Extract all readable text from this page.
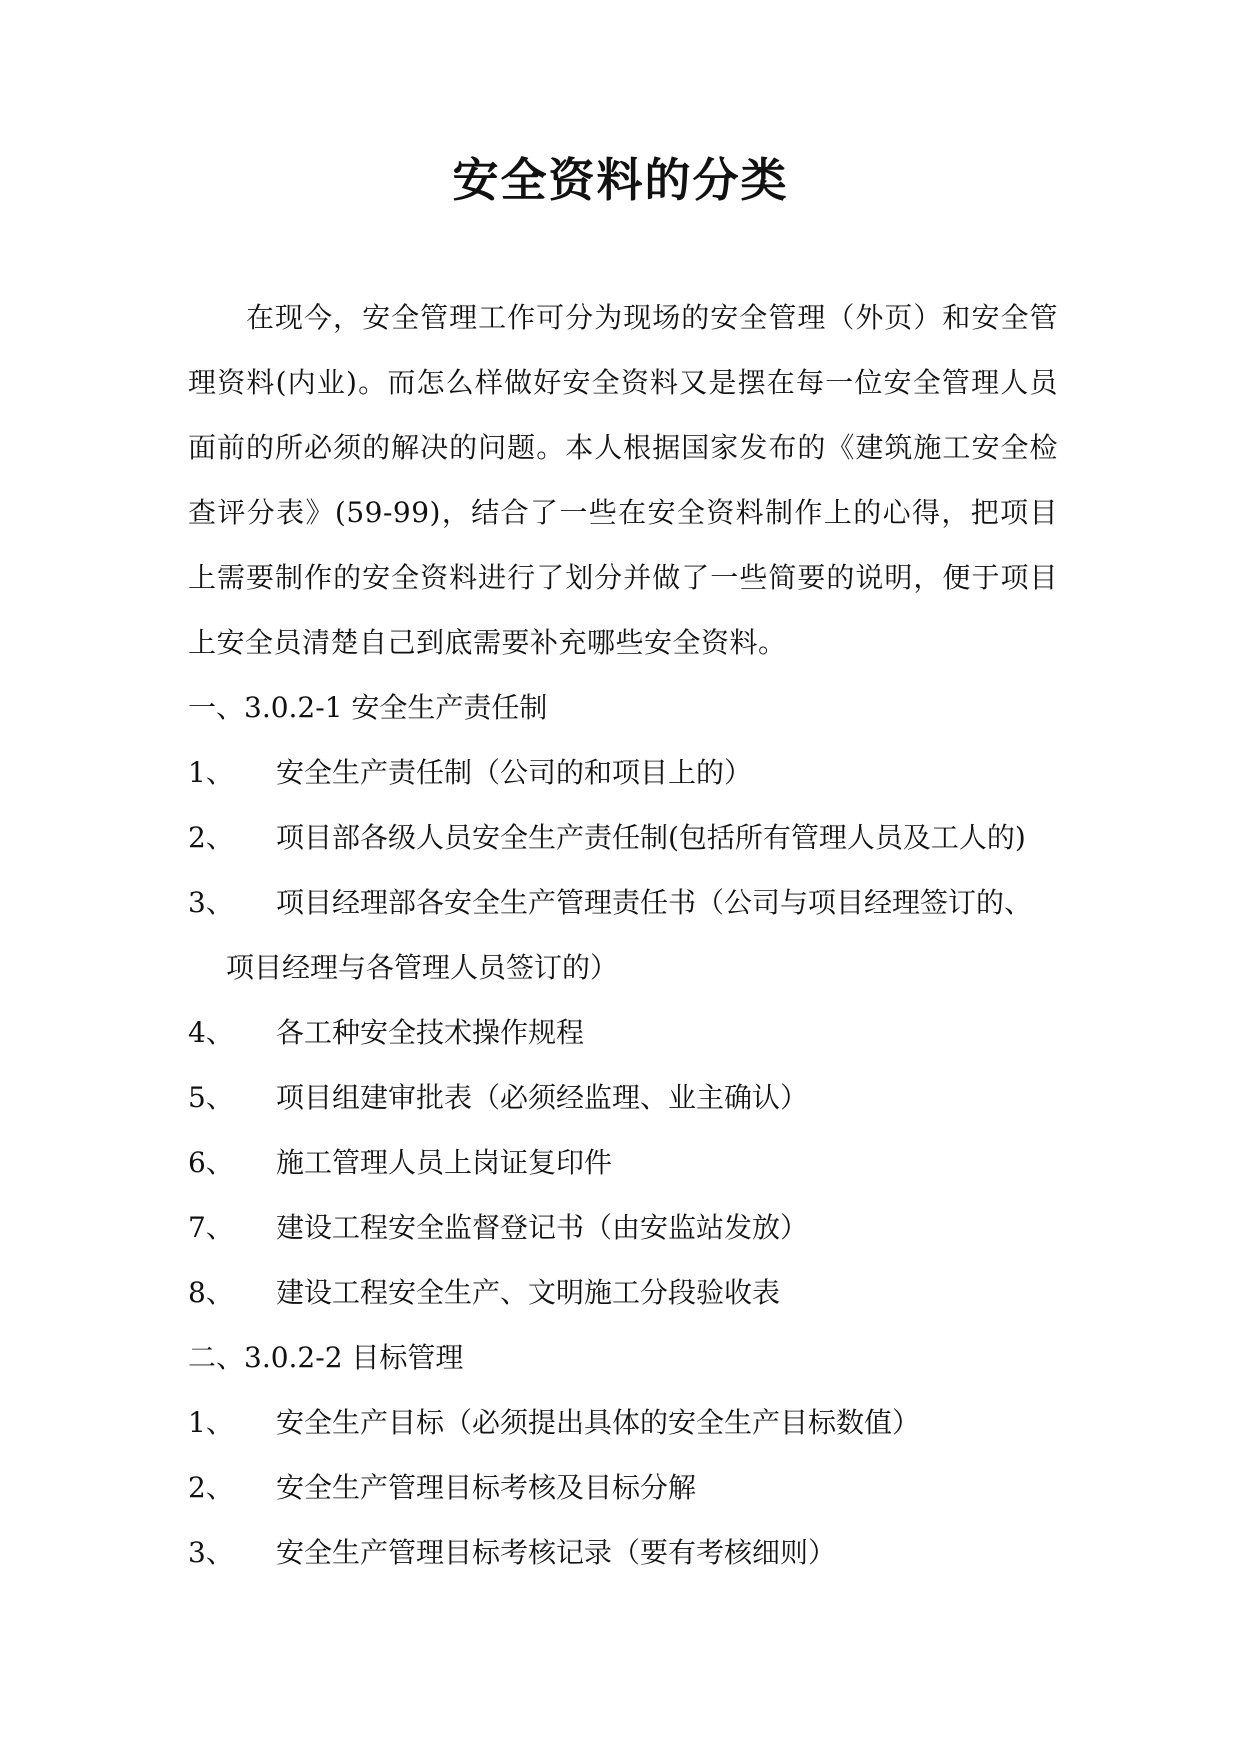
安全资料的分类

在现今，安全管理工作可分为现场的安全管理（外页）和安全管理资料(内业)。而怎么样做好安全资料又是摆在每一位安全管理人员面前的所必须的解决的问题。本人根据国家发布的《建筑施工安全检查评分表》(59-99)，结合了一些在安全资料制作上的心得，把项目上需要制作的安全资料进行了划分并做了一些简要的说明，便于项目上安全员清楚自己到底需要补充哪些安全资料。

一、3.0.2-1 安全生产责任制

1、	安全生产责任制（公司的和项目上的）
2、	项目部各级人员安全生产责任制(包括所有管理人员及工人的)
3、	项目经理部各安全生产管理责任书（公司与项目经理签订的、

项目经理与各管理人员签订的）

4、	各工种安全技术操作规程
5、	项目组建审批表（必须经监理、业主确认）
6、	施工管理人员上岗证复印件
7、	建设工程安全监督登记书（由安监站发放）
8、	建设工程安全生产、文明施工分段验收表

二、3.0.2-2 目标管理

1、	安全生产目标（必须提出具体的安全生产目标数值）
2、	安全生产管理目标考核及目标分解
3、	安全生产管理目标考核记录（要有考核细则）
